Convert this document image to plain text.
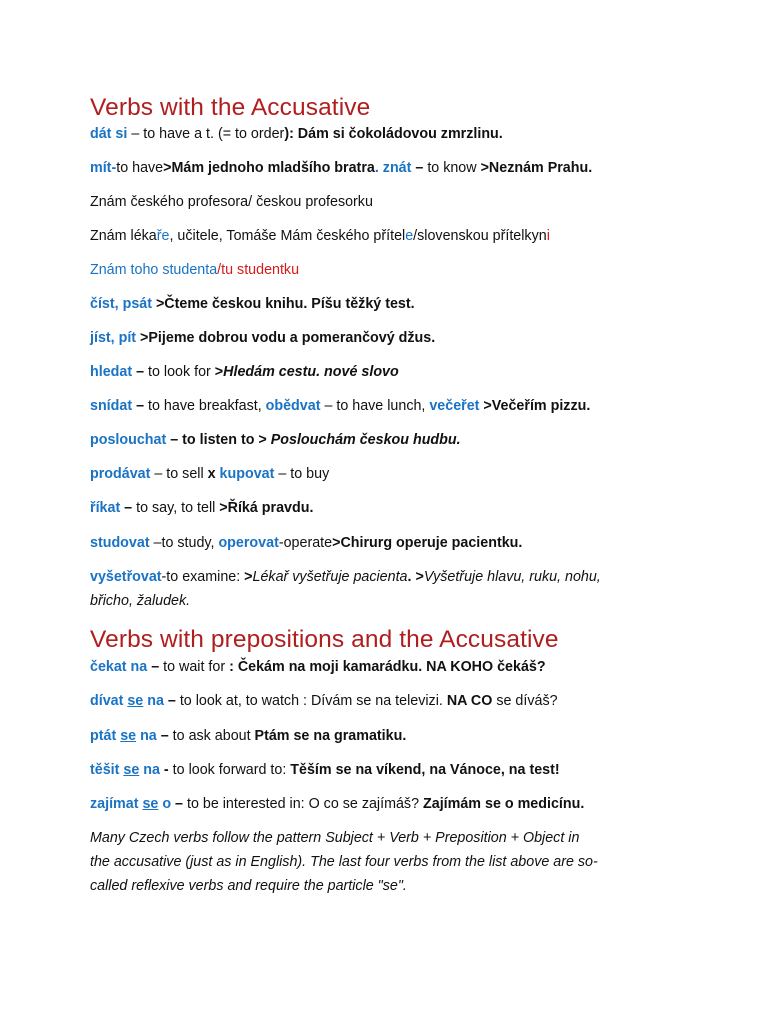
Verbs with the Accusative

dát si – to have a t. (= to order): Dám si čokoládovou zmrzlinu.

mít-to have>Mám jednoho mladšího bratra. znát – to know >Neznám Prahu.

Znám českého profesora/ českou profesorku

Znám lékaře, učitele, Tomáše Mám českého přítele/slovenskou přítelkyni

Znám toho studenta/tu studentku

číst, psát >Čteme českou knihu. Píšu těžký test.

jíst, pít >Pijeme dobrou vodu a pomerančový džus.

hledat – to look for >Hledám cestu. nové slovo

snídat – to have breakfast, obědvat – to have lunch, večeřet >Večeřím pizzu.

poslouchat – to listen to > Poslouchám českou hudbu.

prodávat – to sell x kupovat – to buy

říkat – to say, to tell >Říká pravdu.

studovat –to study, operovat-operate>Chirurg operuje pacientku.

vyšetřovat-to examine: >Lékař vyšetřuje pacienta. >Vyšetřuje hlavu, ruku, nohu,

břicho, žaludek.

Verbs with prepositions and the Accusative

čekat na – to wait for : Čekám na moji kamarádku. NA KOHO čekáš?

dívat se na – to look at, to watch : Dívám se na televizi. NA CO se díváš?

ptát se na – to ask about Ptám se na gramatiku.

těšit se na - to look forward to: Těším se na víkend, na Vánoce, na test!

zajímat se o – to be interested in: O co se zajímáš? Zajímám se o medicínu.

Many Czech verbs follow the pattern Subject + Verb + Preposition + Object in

the accusative (just as in English). The last four verbs from the list above are so-

called reflexive verbs and require the particle "se".
